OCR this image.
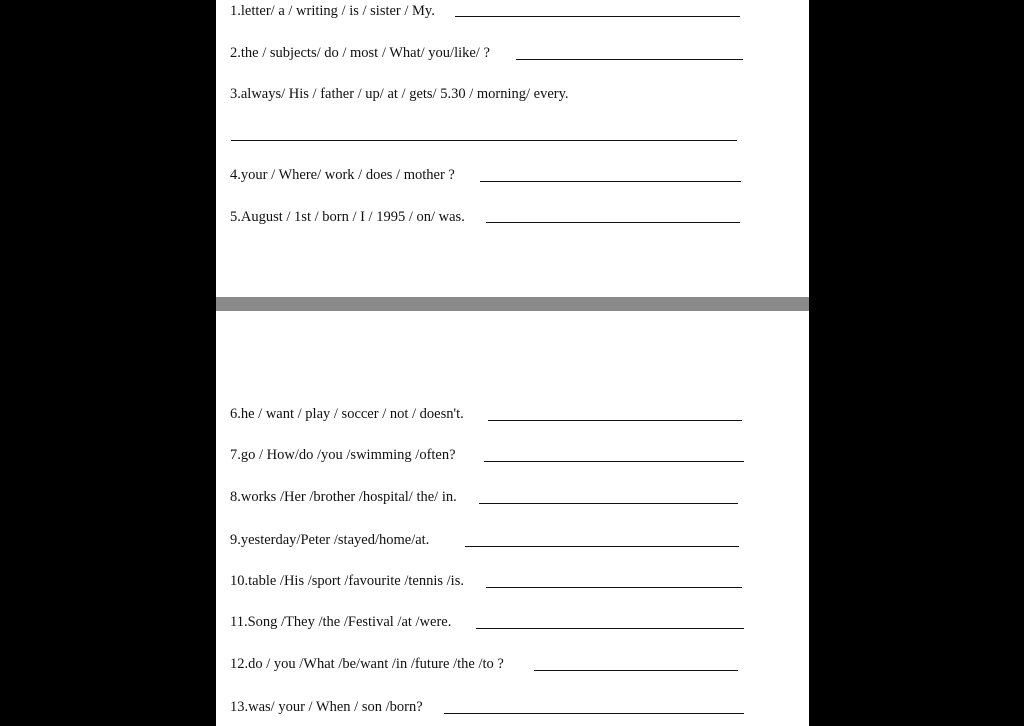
1.letter/ a / writing / is / sister / My.
2.the / subjects/ do / most / What/ you/like/ ?
3.always/ His / father / up/ at / gets/ 5.30 / morning/ every.
4.your / Where/ work / does / mother ?
5.August / 1st / born / I / 1995 / on/ was.
6.he / want / play / soccer / not / doesn't.
7.go / How/do /you /swimming /often?
8.works /Her /brother /hospital/ the/ in.
9.yesterday/Peter /stayed/home/at.
10.table /His /sport /favourite /tennis /is.
11.Song /They /the /Festival /at /were.
12.do / you /What /be/want /in /future /the /to ?
13.was/ your / When / son /born?
